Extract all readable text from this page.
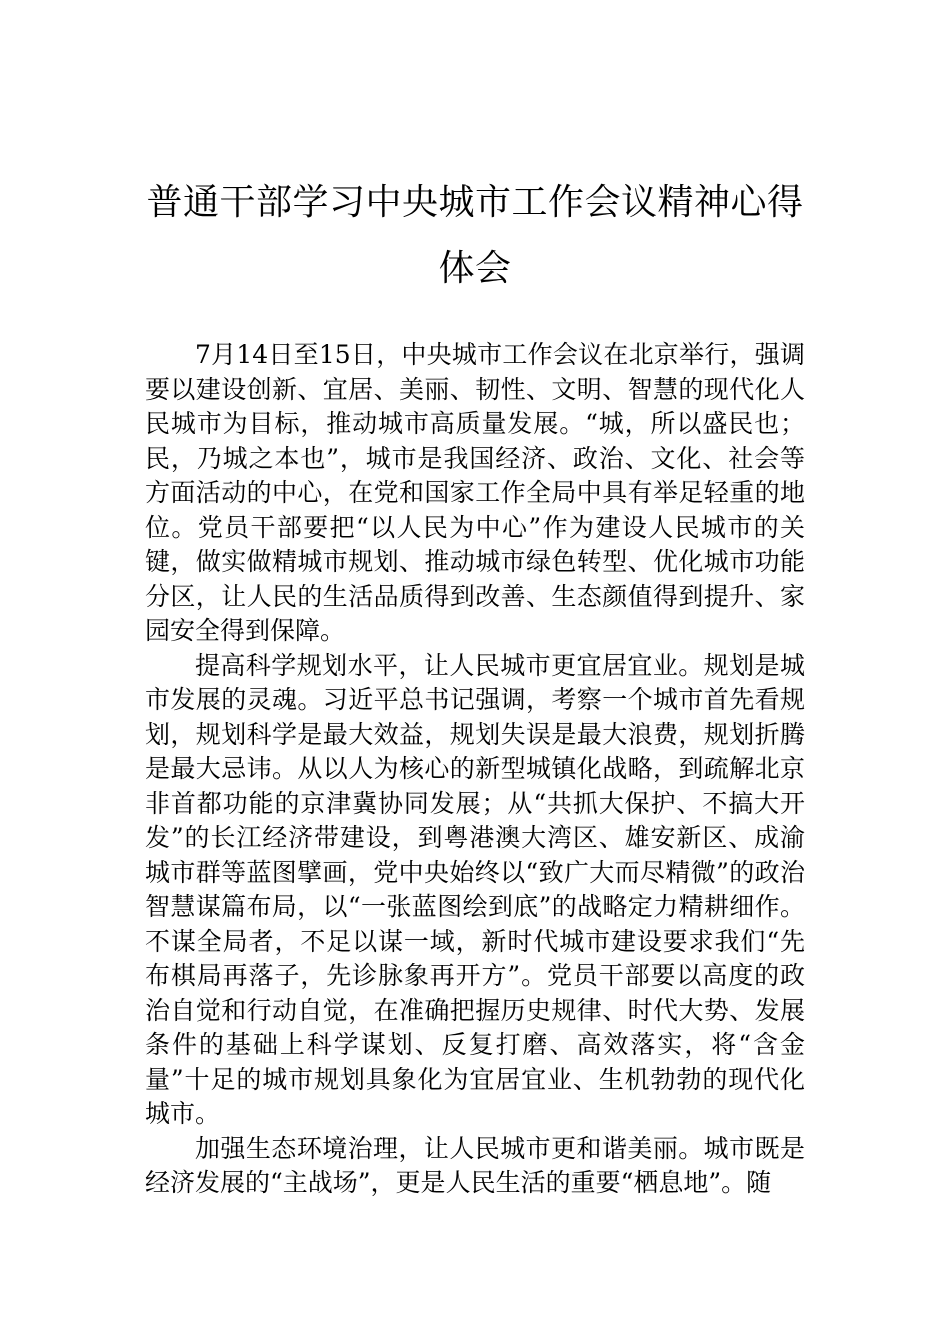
普通干部学习中央城市工作会议精神心得体会

7月14日至15日，中央城市工作会议在北京举行，强调要以建设创新、宜居、美丽、韧性、文明、智慧的现代化人民城市为目标，推动城市高质量发展。“城，所以盛民也；民，乃城之本也”，城市是我国经济、政治、文化、社会等方面活动的中心，在党和国家工作全局中具有举足轻重的地位。党员干部要把“以人民为中心”作为建设人民城市的关键，做实做精城市规划、推动城市绿色转型、优化城市功能分区，让人民的生活品质得到改善、生态颜值得到提升、家园安全得到保障。

提高科学规划水平，让人民城市更宜居宜业。规划是城市发展的灵魂。习近平总书记强调，考察一个城市首先看规划，规划科学是最大效益，规划失误是最大浪费，规划折腾是最大忌讳。从以人为核心的新型城镇化战略，到疏解北京非首都功能的京津冀协同发展；从“共抓大保护、不搞大开发”的长江经济带建设，到粤港澳大湾区、雄安新区、成渝城市群等蓝图擘画，党中央始终以“致广大而尽精微”的政治智慧谋篇布局，以“一张蓝图绘到底”的战略定力精耕细作。不谋全局者，不足以谋一域，新时代城市建设要求我们“先布棋局再落子，先诊脉象再开方”。党员干部要以高度的政治自觉和行动自觉，在准确把握历史规律、时代大势、发展条件的基础上科学谋划、反复打磨、高效落实，将“含金量”十足的城市规划具象化为宜居宜业、生机勃勃的现代化城市。

加强生态环境治理，让人民城市更和谐美丽。城市既是经济发展的“主战场”，更是人民生活的重要“栖息地”。随
